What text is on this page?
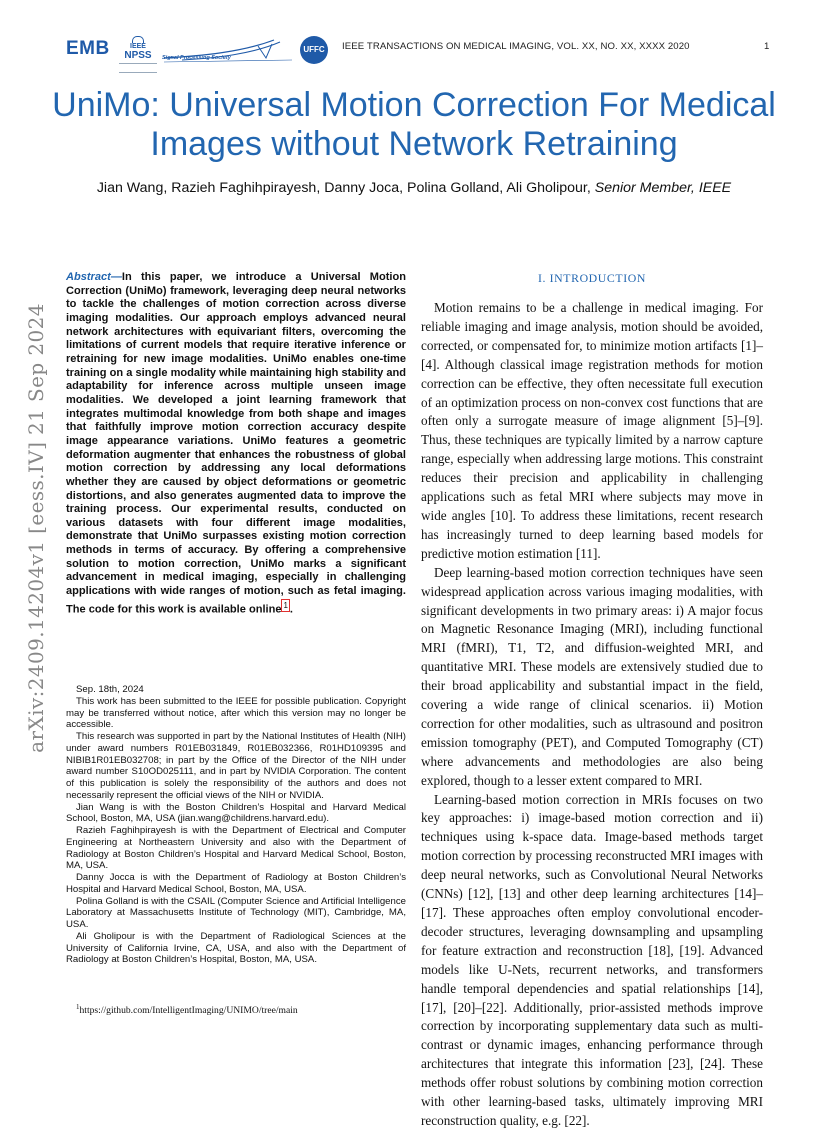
EMB	IEEE
NPSS	Signal Processing Society
UFFC	IEEE TRANSACTIONS ON MEDICAL IMAGING, VOL. XX, NO. XX, XXXX 2020	1
UniMo: Universal Motion Correction For Medical Images without Network Retraining
Jian Wang, Razieh Faghihpirayesh, Danny Joca, Polina Golland, Ali Gholipour, Senior Member, IEEE
arXiv:2409.14204v1 [eess.IV] 21 Sep 2024
Abstract—In this paper, we introduce a Universal Motion Correction (UniMo) framework, leveraging deep neural networks to tackle the challenges of motion correction across diverse imaging modalities. Our approach employs advanced neural network architectures with equivariant filters, overcoming the limitations of current models that require iterative inference or retraining for new image modalities. UniMo enables one-time training on a single modality while maintaining high stability and adaptability for inference across multiple unseen image modalities. We developed a joint learning framework that integrates multimodal knowledge from both shape and images that faithfully improve motion correction accuracy despite image appearance variations. UniMo features a geometric deformation augmenter that enhances the robustness of global motion correction by addressing any local deformations whether they are caused by object deformations or geometric distortions, and also generates augmented data to improve the training process. Our experimental results, conducted on various datasets with four different image modalities, demonstrate that UniMo surpasses existing motion correction methods in terms of accuracy. By offering a comprehensive solution to motion correction, UniMo marks a significant advancement in medical imaging, especially in challenging applications with wide ranges of motion, such as fetal imaging. The code for this work is available online 1 .

Sep. 18th, 2024

This work has been submitted to the IEEE for possible publication. Copyright may be transferred without notice, after which this version may no longer be accessible.

This research was supported in part by the National Institutes of Health (NIH) under award numbers R01EB031849, R01EB032366, R01HD109395 and NIBIB1R01EB032708; in part by the Office of the Director of the NIH under award number S10OD025111, and in part by NVIDIA Corporation. The content of this publication is solely the responsibility of the authors and does not necessarily represent the official views of the NIH or NVIDIA.

Jian Wang is with the Boston Children’s Hospital and Harvard Medical School, Boston, MA, USA (jian.wang@childrens.harvard.edu).

Razieh Faghihpirayesh is with the Department of Electrical and Computer Engineering at Northeastern University and also with the Department of Radiology at Boston Children’s Hospital and Harvard Medical School, Boston, MA, USA.

Danny Jocca is with the Department of Radiology at Boston Children’s Hospital and Harvard Medical School, Boston, MA, USA.

Polina Golland is with the CSAIL (Computer Science and Artificial Intelligence Laboratory at Massachusetts Institute of Technology (MIT), Cambridge, MA, USA.

Ali Gholipour is with the Department of Radiological Sciences at the University of California Irvine, CA, USA, and also with the Department of Radiology at Boston Children’s Hospital, Boston, MA, USA.

$^1$https://github.com/IntelligentImaging/UNIMO/tree/main
I. INTRODUCTION

Motion remains to be a challenge in medical imaging. For reliable imaging and image analysis, motion should be avoided, corrected, or compensated for, to minimize motion artifacts [1]–[4]. Although classical image registration methods for motion correction can be effective, they often necessitate full execution of an optimization process on non-convex cost functions that are often only a surrogate measure of image alignment [5]–[9]. Thus, these techniques are typically limited by a narrow capture range, especially when addressing large motions. This constraint reduces their precision and applicability in challenging applications such as fetal MRI where subjects may move in wide angles [10]. To address these limitations, recent research has increasingly turned to deep learning based models for predictive motion estimation [11].

Deep learning-based motion correction techniques have seen widespread application across various imaging modalities, with significant developments in two primary areas: i) A major focus on Magnetic Resonance Imaging (MRI), including functional MRI (fMRI), T1, T2, and diffusion-weighted MRI, and quantitative MRI. These models are extensively studied due to their broad applicability and substantial impact in the field, covering a wide range of clinical scenarios. ii) Motion correction for other modalities, such as ultrasound and positron emission tomography (PET), and Computed Tomography (CT) where advancements and methodologies are also being explored, though to a lesser extent compared to MRI.

Learning-based motion correction in MRIs focuses on two key approaches: i) image-based motion correction and ii) techniques using k-space data. Image-based methods target motion correction by processing reconstructed MRI images with deep neural networks, such as Convolutional Neural Networks (CNNs) [12], [13] and other deep learning architectures [14]–[17]. These approaches often employ convolutional encoder-decoder structures, leveraging downsampling and upsampling for feature extraction and reconstruction [18], [19]. Advanced models like U-Nets, recurrent networks, and transformers handle temporal dependencies and spatial relationships [14], [17], [20]–[22]. Additionally, prior-assisted methods improve correction by incorporating supplementary data such as multi-contrast or dynamic images, enhancing performance through architectures that integrate this information [23], [24]. These methods offer robust solutions by combining motion correction with other learning-based tasks, ultimately improving MRI reconstruction quality, e.g. [22].
